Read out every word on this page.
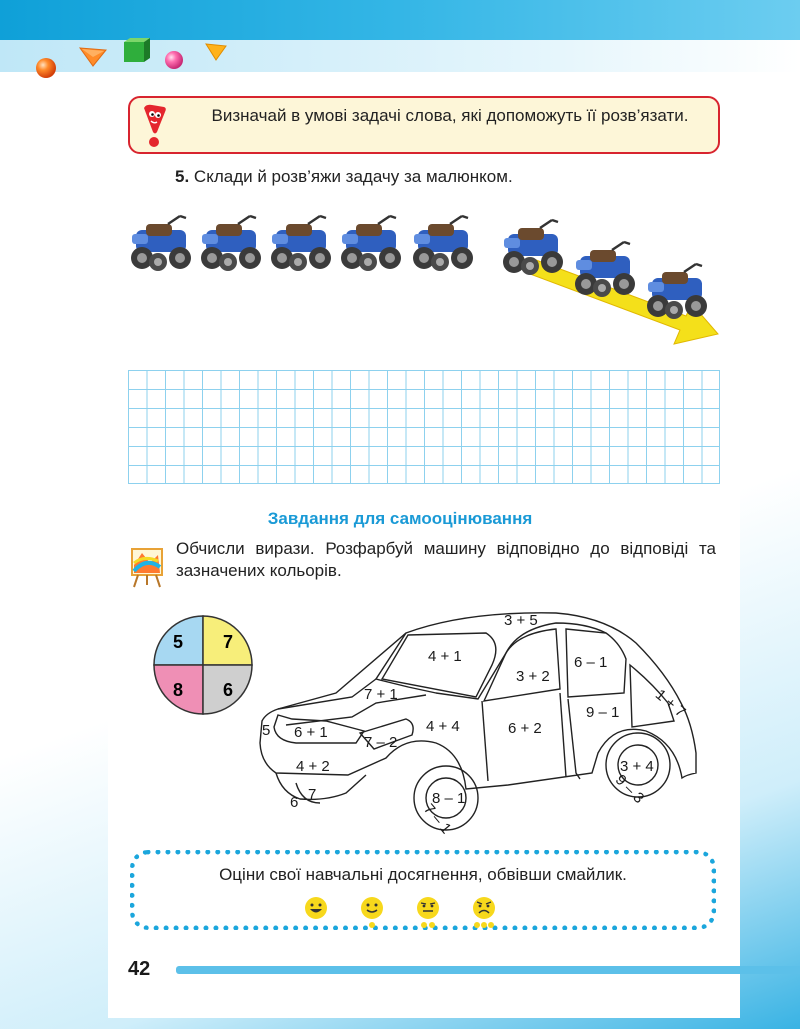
Визначай в умові задачі слова, які допоможуть її розв’язати.
5. Склади й розв’яжи задачу за малюнком.
Завдання для самооцінювання
Обчисли вирази. Розфарбуй машину відповідно до відповіді та зазначених кольорів.
5 7
8 6
3 + 5
4 + 1
3 + 2
6 – 1
7 + 1
9 – 1 1 + 7
5 6 + 1
7 – 2
4 + 4	6 + 2
3 + 4
4 + 2
9 – 3
8 – 1
6 7
7 – 1
Оціни свої навчальні досягнення, обвівши смайлик.
42
